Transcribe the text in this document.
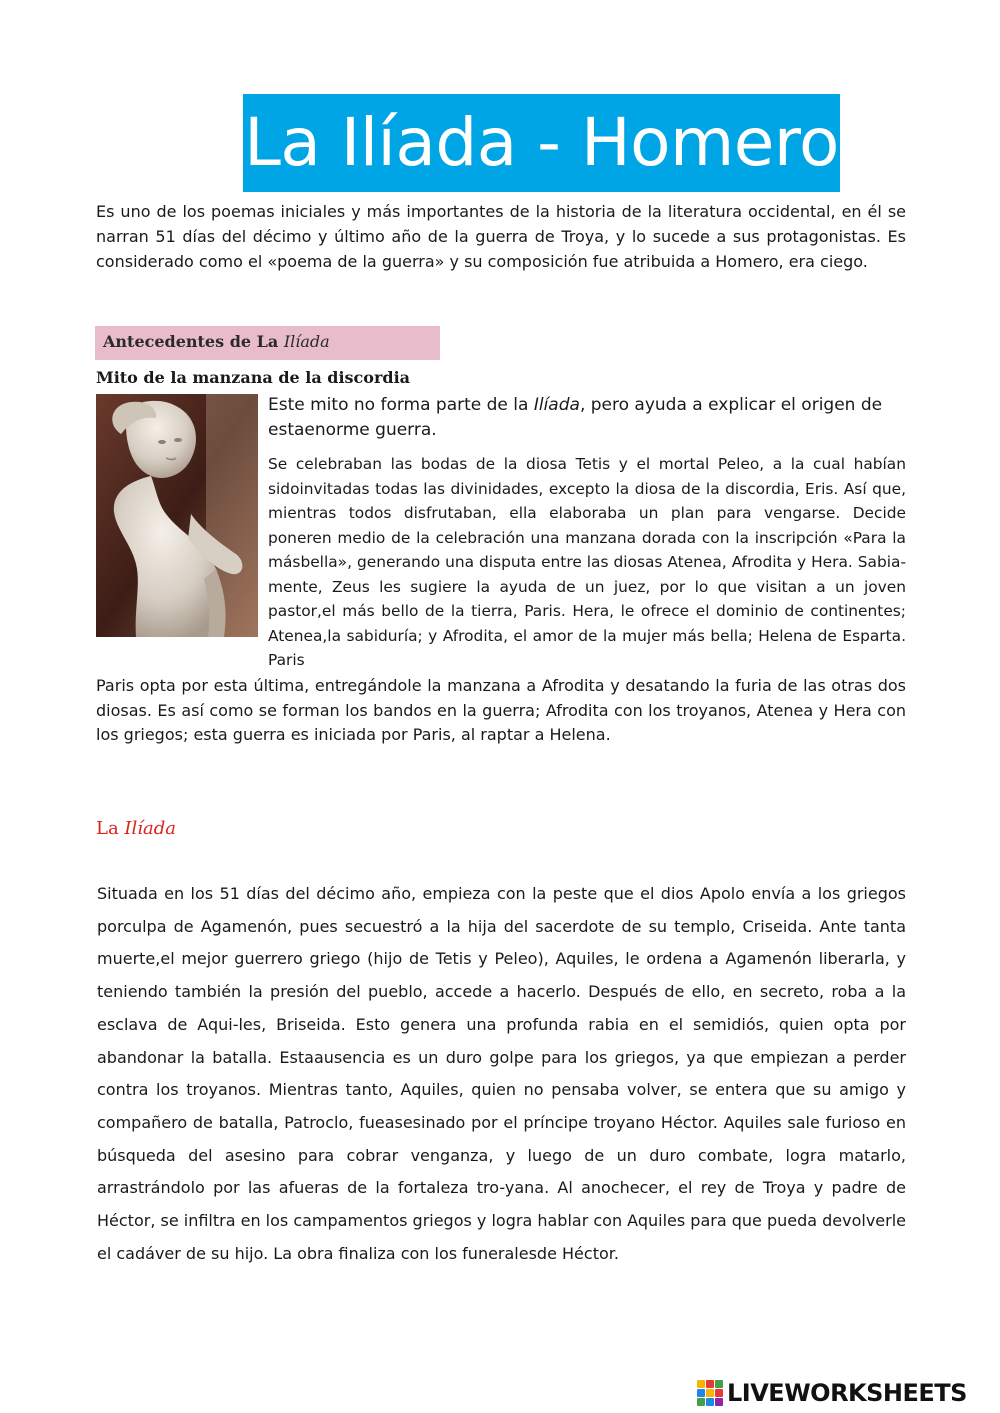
La Ilíada - Homero

Es uno de los poemas iniciales y más importantes de la historia de la literatura occidental, en él se narran 51 días del décimo y último año de la guerra de Troya, y lo sucede a sus protagonistas. Es considerado como el «poema de la guerra» y su composición fue atribuida a Homero, era ciego.

Antecedentes de La Ilíada
Mito de la manzana de la discordia

Este mito no forma parte de la Ilíada, pero ayuda a explicar el origen de estaenorme guerra.

Se celebraban las bodas de la diosa Tetis y el mortal Peleo, a la cual habían sidoinvitadas todas las divinidades, excepto la diosa de la discordia, Eris. Así que, mientras todos disfrutaban, ella elaboraba un plan para vengarse. Decide poneren medio de la celebración una manzana dorada con la inscripción «Para la másbella», generando una disputa entre las diosas Atenea, Afrodita y Hera. Sabia- mente, Zeus les sugiere la ayuda de un juez, por lo que visitan a un joven pastor,el más bello de la tierra, Paris. Hera, le ofrece el dominio de continentes; Atenea,la sabiduría; y Afrodita, el amor de la mujer más bella; Helena de Esparta. Paris

Paris opta por esta última, entregándole la manzana a Afrodita y desatando la furia de las otras dos diosas. Es así como se forman los bandos en la guerra; Afrodita con los troyanos, Atenea y Hera con los griegos; esta guerra es iniciada por Paris, al raptar a Helena.

La Ilíada

Situada en los 51 días del décimo año, empieza con la peste que el dios Apolo envía a los griegos porculpa de Agamenón, pues secuestró a la hija del sacerdote de su templo, Criseida. Ante tanta muerte,el mejor guerrero griego (hijo de Tetis y Peleo), Aquiles, le ordena a Agamenón liberarla, y teniendo también la presión del pueblo, accede a hacerlo. Después de ello, en secreto, roba a la esclava de Aqui-les, Briseida. Esto genera una profunda rabia en el semidiós, quien opta por abandonar la batalla. Estaausencia es un duro golpe para los griegos, ya que empiezan a perder contra los troyanos. Mientras tanto, Aquiles, quien no pensaba volver, se entera que su amigo y compañero de batalla, Patroclo, fueasesinado por el príncipe troyano Héctor. Aquiles sale furioso en búsqueda del asesino para cobrar venganza, y luego de un duro combate, logra matarlo, arrastrándolo por las afueras de la fortaleza tro-yana. Al anochecer, el rey de Troya y padre de Héctor, se infiltra en los campamentos griegos y logra hablar con Aquiles para que pueda devolverle el cadáver de su hijo. La obra finaliza con los funeralesde Héctor.

LIVEWORKSHEETS
